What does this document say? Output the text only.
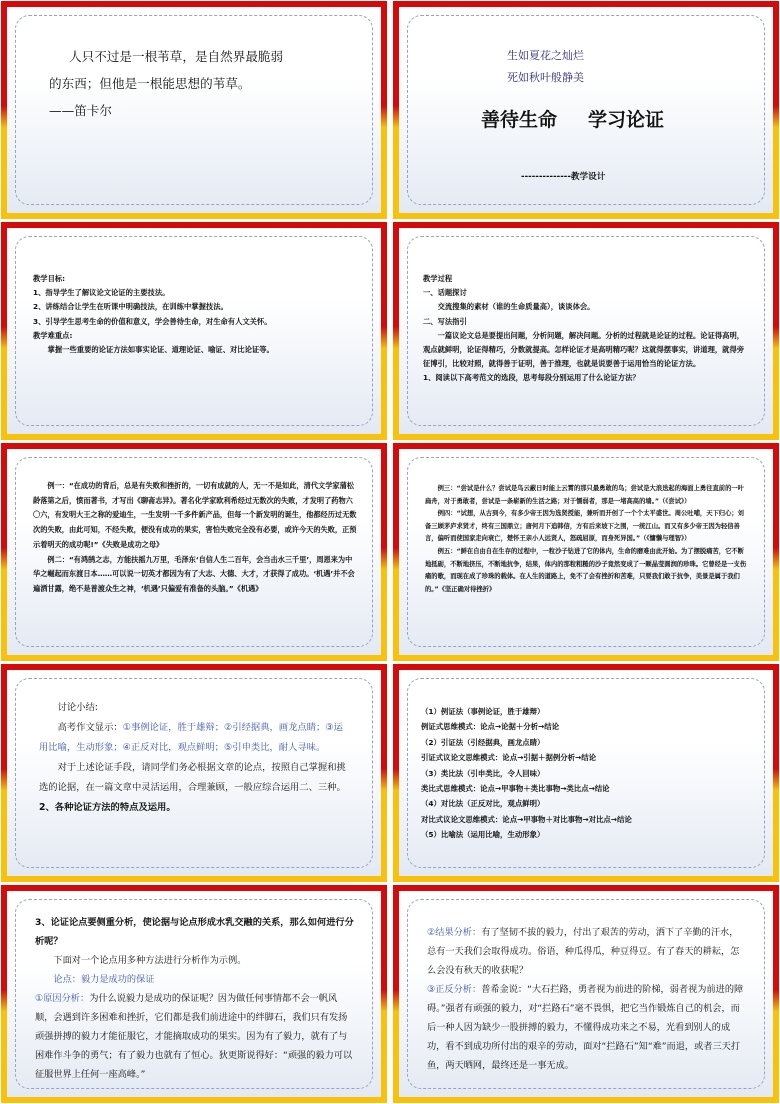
人只不过是一根苇草，是自然界最脆弱
的东西；但他是一根能思想的苇草。
——笛卡尔
生如夏花之灿烂
死如秋叶般静美
善待生命 学习论证
--------------教学设计
教学目标:
1、指导学生了解议论文论证的主要技法。
2、讲练结合让学生在听课中明确技法，在训练中掌握技法。
3、引导学生思考生命的价值和意义，学会善待生命，对生命有人文关怀。
教学难重点:
掌握一些重要的论证方法如事实论证、道理论证、喻证、对比论证等。
教学过程
一、话题探讨
交流搜集的素材（谁的生命质量高），谈谈体会。
二、写法指引
一篇议论文总是要提出问题，分析问题，解决问题。分析的过程就是论证的过程。论证得高明，观点就鲜明，论证得精巧，分数就提高。怎样论证才是高明精巧呢？这就得摆事实，讲道理，就得旁征博引，比较对照，就得善于证明，善于推理，也就是说要善于运用恰当的论证方法。
1、阅读以下高考范文的选段，思考每段分别运用了什么论证方法？
例一：“在成功的背后，总是有失败和挫折的，一切有成就的人，无一不是如此，清代文学家蒲松龄落第之后，愤而著书，才写出《聊斋志异》。著名化学家欧利希经过无数次的失败，才发明了药物六〇六，有发明大王之称的爱迪生，一生发明一千多件新产品，但每一个新发明的诞生，他都经历过无数次的失败，由此可知，不经失败，便没有成功的果实，害怕失败完全没有必要，或许今天的失败，正预示着明天的成功呢!”《失败是成功之母》
例二：“有鸿鹄之志，方能扶摇九万里，毛泽东‘自信人生二百年，会当击水三千里’，周恩来为中华之崛起而东渡日本……可以说一切英才都因为有了大志、大德、大才，才获得了成功。‘机遇’并不会遍洒甘露，绝不是普渡众生之神，‘机遇’只偏爱有准备的头脑。”《机遇》
例三：“尝试是什么？尝试是鸟云蔽日时能上云霄的那只最勇敢的鸟；尝试是大浪迭起的海面上勇往直前的一叶扁舟，对于勇敢者，尝试是一条崭新的生活之路；对于懦弱者，那是一堵高高的墙。”（《尝试》）
例四：“试想，从古到今，有多少帝王因为选贤授能，兼听而开创了一个个太平盛世。周公吐哺，天下归心；刘备三顾茅庐求贤才，终有三国鼎立；唐何月下追韩信，方有后来坡下之围，一统江山。而又有多少帝王因为轻信善言，偏听而使国家走向衰亡，楚怀王亲小人远贤人，怒疏屈原，而身死异国。”（《慵懒与理智》）
例五：“鲜在自由自在生存的过程中，一粒沙子钻进了它的体内，生命的磨难由此开始。为了摆脱痛苦，它不断地抵砺，不断地挤压，不断地抗争，结果，体内的那粒粗糙的沙子竟然变成了一颗晶莹圆润的珍珠。它曾经是一支伤痛的歌，而现在成了珍珠的载体。在人生的道路上，免不了会有挫折和苦难，只要我们敢于抗争，美景是属于我们的。”《坚正确对待挫折》
讨论小结:
高考作文显示：①事例论证，胜于雄辩；②引经据典，画龙点睛；③运用比喻，生动形象；④正反对比，观点鲜明；⑤引申类比，耐人寻味。
对于上述论证手段，请同学们务必根据文章的论点，按照自己掌握和挑选的论据，在一篇文章中灵活运用，合理兼顾，一般应综合运用二、三种。
2、各种论证方法的特点及运用。
（1）例证法（事例论证，胜于雄辩）
例证式思维模式：论点→论据＋分析→结论
（2）引证法（引经据典，画龙点睛）
引证式议论文思维模式：论点→引据＋据例分析→结论
（3）类比法（引申类比，令人回味）
类比式思维模式：论点→甲事物＋类比事物→类比点→结论
（4）对比法（正反对比，观点鲜明）
对比式议论文思维模式：论点→甲事物＋对比事物→对比点→结论
（5）比喻法（运用比喻，生动形象）
3、论证论点要侧重分析，使论据与论点形成水乳交融的关系，那么如何进行分析呢？
下面对一个论点用多种方法进行分析作为示例。
论点：毅力是成功的保证
①原因分析：为什么说毅力是成功的保证呢？因为做任何事情都不会一帆风顺，会遇到许多困难和挫折，它们都是我们前进途中的绊脚石，我们只有发扬顽强拼搏的毅力才能征服它，才能摘取成功的果实。因为有了毅力，就有了与困难作斗争的勇气；有了毅力也就有了恒心。狄更斯说得好：“顽强的毅力可以征服世界上任何一座高峰。”
②结果分析：有了坚韧不拔的毅力，付出了艰苦的劳动，洒下了辛勤的汗水，总有一天我们会取得成功。俗语，种瓜得瓜，种豆得豆。有了春天的耕耘，怎么会没有秋天的收获呢？
③正反分析：普希金说：“大石拦路，勇者视为前进的阶梯，弱者视为前进的障碍。”强者有顽强的毅力，对“拦路石”毫不畏惧，把它当作锻炼自己的机会，而后一种人因为缺少一股拼搏的毅力，不懂得成功来之不易，光看到别人的成功，看不到成功所付出的艰辛的劳动，面对“拦路石”知“难”而退，或者三天打鱼，两天晒网，最终还是一事无成。
